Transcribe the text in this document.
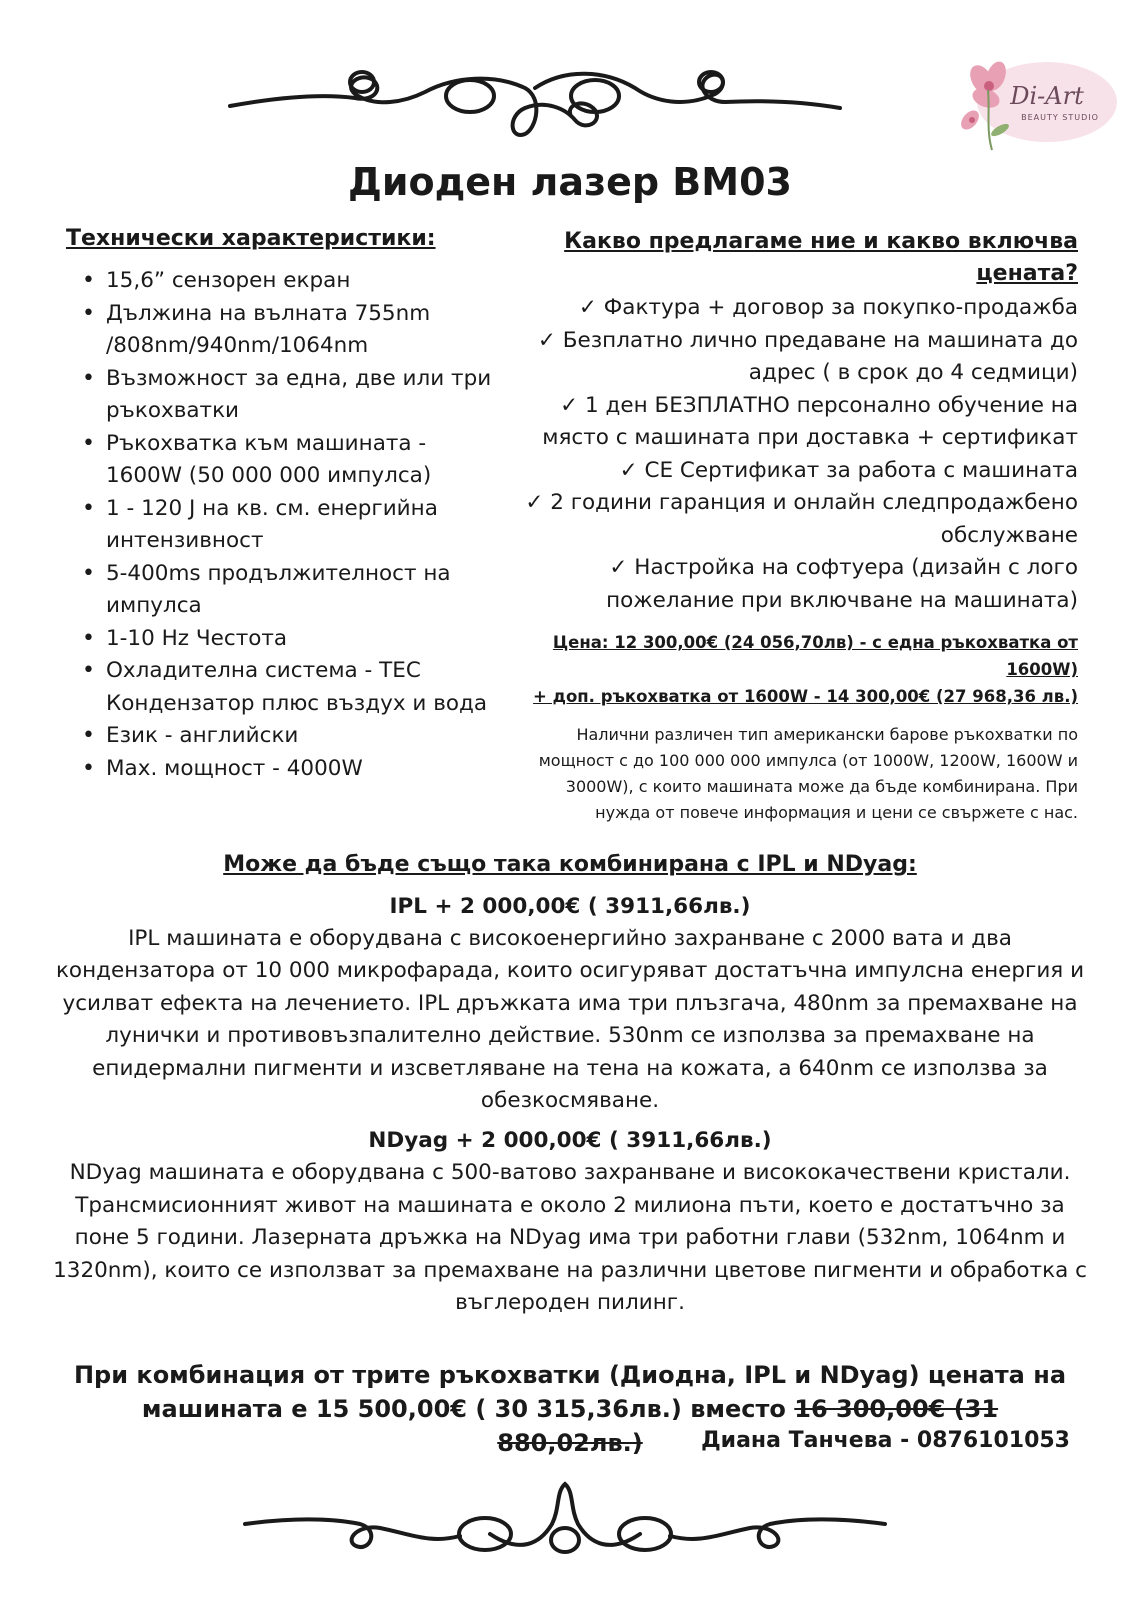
Di-Art
BEAUTY STUDIO
Диоден лазер BM03
Технически характеристики:
• 15,6” сензорен екран
• Дължина на вълната 755nm /808nm/940nm/1064nm
• Възможност за една, две или три ръкохватки
• Ръкохватка към машината - 1600W (50 000 000 импулса)
• 1 - 120 J на кв. см. енергийна интензивност
• 5-400ms продължителност на импулса
• 1-10 Hz Честота
• Охладителна система - TEC Кондензатор плюс въздух и вода
• Език - английски
• Max. мощност - 4000W
Какво предлагаме ние и какво включва цената?
✓ Фактура + договор за покупко-продажба
✓ Безплатно лично предаване на машината до адрес ( в срок до 4 седмици)
✓ 1 ден БЕЗПЛАТНО персонално обучение на място с машината при доставка + сертификат
✓ CE Сертификат за работа с машината
✓ 2 години гаранция и онлайн следпродажбено обслужване
✓ Настройка на софтуера (дизайн с лого пожелание при включване на машината)
Цена: 12 300,00€ (24 056,70лв) - с една ръкохватка от 1600W)
+ доп. ръкохватка от 1600W - 14 300,00€ (27 968,36 лв.)
Налични различен тип американски барове ръкохватки по мощност с до 100 000 000 импулса (от 1000W, 1200W, 1600W и 3000W), с които машината може да бъде комбинирана. При нужда от повече информация и цени се свържете с нас.
Може да бъде също така комбинирана с IPL и NDyag:
IPL + 2 000,00€ ( 3911,66лв.)
IPL машината е оборудвана с високоенергийно захранване с 2000 вата и два кондензатора от 10 000 микрофарада, които осигуряват достатъчна импулсна енергия и усилват ефекта на лечението. IPL дръжката има три плъзгача, 480nm за премахване на лунички и противовъзпалително действие. 530nm се използва за премахване на епидермални пигменти и изсветляване на тена на кожата, а 640nm се използва за обезкосмяване.
NDyag + 2 000,00€ ( 3911,66лв.)
NDyag машината е оборудвана с 500-ватово захранване и висококачествени кристали. Трансмисионният живот на машината е около 2 милиона пъти, което е достатъчно за поне 5 години. Лазерната дръжка на NDyag има три работни глави (532nm, 1064nm и 1320nm), които се използват за премахване на различни цветове пигменти и обработка с въглероден пилинг.
При комбинация от трите ръкохватки (Диодна, IPL и NDyag) цената на машината е 15 500,00€ ( 30 315,36лв.) вместо 16 300,00€ (31 880,02лв.)	Диана Танчева - 0876101053
